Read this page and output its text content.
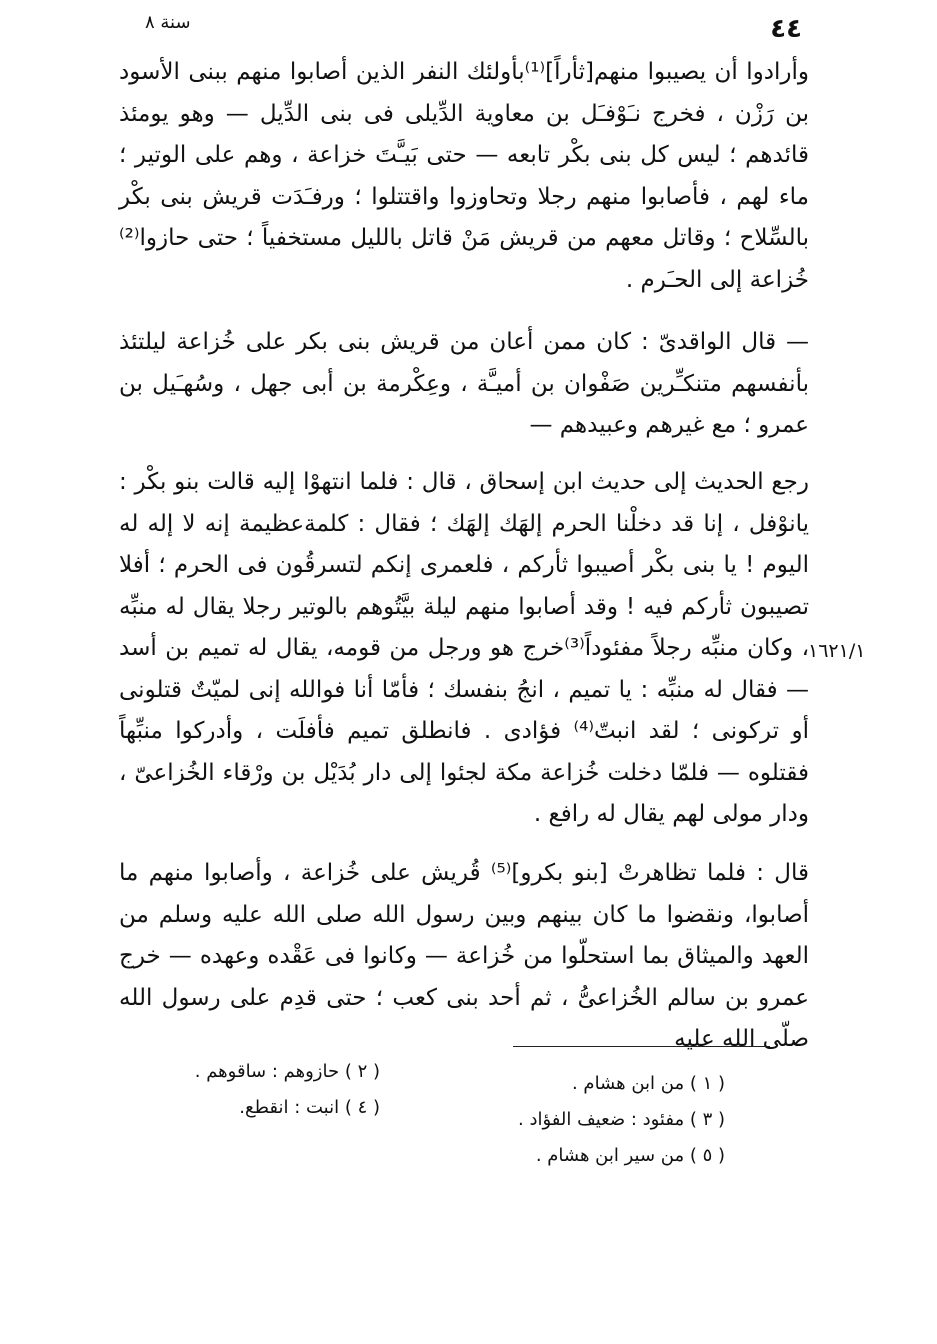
٤٤
سنة ٨

وأرادوا أن يصيبوا منهم[ثأراً]⁽¹⁾بأولئك النفر الذين أصابوا منهم ببنى الأسود بن رَزْن ، فخرج نـَوْفـَل بن معاوية الدِّيلى فى بنى الدِّيل — وهو يومئذ قائدهم ؛ ليس كل بنى بكْر تابعه — حتى بَيـَّتَ خزاعة ، وهم على الوتير ؛ ماء لهم ، فأصابوا منهم رجلا وتحاوزوا واقتتلوا ؛ ورفـَدَت قريش بنى بكْر بالسِّلاح ؛ وقاتل معهم من قريش مَنْ قاتل بالليل مستخفياً ؛ حتى حازوا⁽²⁾ خُزاعة إلى الحـَرم .

— قال الواقدىّ : كان ممن أعان من قريش بنى بكر على خُزاعة ليلتئذ بأنفسهم متنكـِّرين صَفْوان بن أميـَّة ، وعِكْرمة بن أبى جهل ، وسُهـَيل بن عمرو ؛ مع غيرهم وعبيدهم —

رجع الحديث إلى حديث ابن إسحاق ، قال : فلما انتهوْا إليه قالت بنو بكْر : يانوْفل ، إنا قد دخلْنا الحرم إلهَك إلهَك ؛ فقال : كلمةعظيمة إنه لا إله له اليوم ! يا بنى بكْر أصيبوا ثأركم ، فلعمرى إنكم لتسرقُون فى الحرم ؛ أفلا تصيبون ثأركم فيه ! وقد أصابوا منهم ليلة بيَّتُوهم بالوتير رجلا يقال له منبِّه ، وكان منبِّه رجلاً مفئوداً⁽³⁾خرج هو ورجل من قومه، يقال له تميم بن أسد — فقال له منبِّه : يا تميم ، انجُ بنفسك ؛ فأمّا أنا فوالله إنى لميّتٌ قتلونى أو تركونى ؛ لقد انبتّ⁽⁴⁾ فؤادى . فانطلق تميم فأفلَت ، وأدركوا منبِّهاً فقتلوه — فلمّا دخلت خُزاعة مكة لجئوا إلى دار بُدَيْل بن ورْقاء الخُزاعىّ ، ودار مولى لهم يقال له رافع .

قال : فلما تظاهرتْ [بنو بكرو]⁽⁵⁾ قُريش على خُزاعة ، وأصابوا منهم ما أصابوا، ونقضوا ما كان بينهم وبين رسول الله صلى الله عليه وسلم من العهد والميثاق بما استحلّوا من خُزاعة — وكانوا فى عَقْده وعهده — خرج عمرو بن سالم الخُزاعىُّ ، ثم أحد بنى كعب ؛ حتى قدِم على رسول الله صلّى الله عليه

١٦٢١/١

( ١ ) من ابن هشام .

( ٣ ) مفئود : ضعيف الفؤاد .

( ٥ ) من سير ابن هشام .

( ٢ ) حازوهم : ساقوهم .

( ٤ ) انبت : انقطع.
